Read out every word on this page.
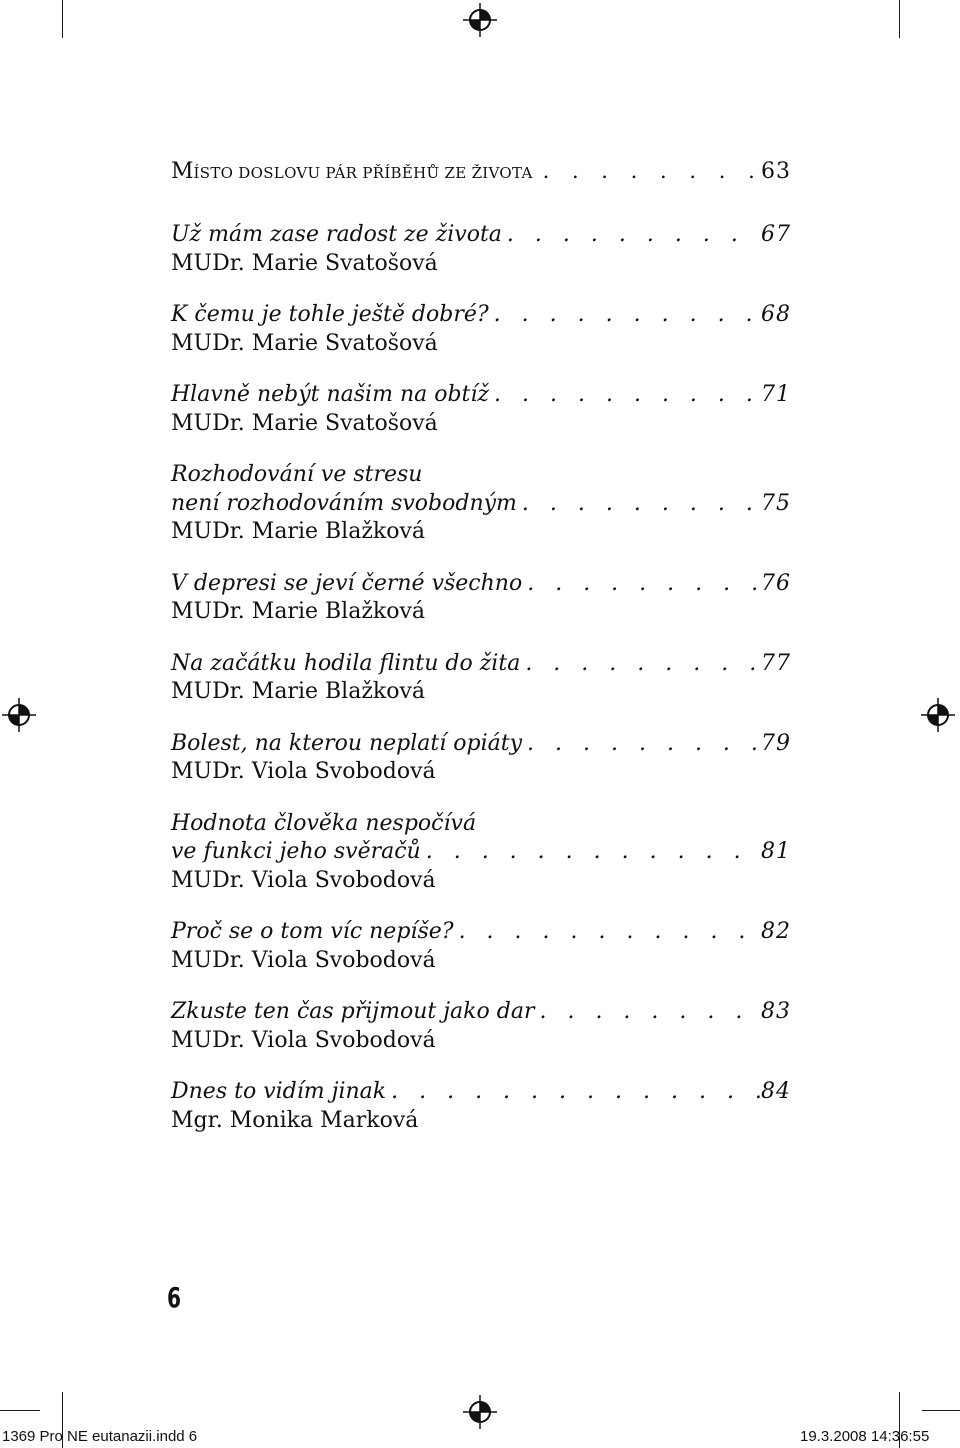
MÍSTO DOSLOVU PÁR PŘÍBĚHŮ ZE ŽIVOTA . . .	63
Už mám zase radost ze života . . .	67
MUDr. Marie Svatošová
K čemu je tohle ještě dobré? . . .	68
MUDr. Marie Svatošová
Hlavně nebýt našim na obtíž . . .	71
MUDr. Marie Svatošová
Rozhodování ve stresu
není rozhodováním svobodným . . .	75
MUDr. Marie Blažková
V depresi se jeví černé všechno . . .	76
MUDr. Marie Blažková
Na začátku hodila flintu do žita . . .	77
MUDr. Marie Blažková
Bolest, na kterou neplatí opiáty . . .	79
MUDr. Viola Svobodová
Hodnota člověka nespočívá
ve funkci jeho svěračů . . .	81
MUDr. Viola Svobodová
Proč se o tom víc nepíše? . . .	82
MUDr. Viola Svobodová
Zkuste ten čas přijmout jako dar . . .	83
MUDr. Viola Svobodová
Dnes to vidím jinak . . .	84
Mgr. Monika Marková
6
1369 Pro NE eutanazii.indd 6	19.3.2008 14:36:55
